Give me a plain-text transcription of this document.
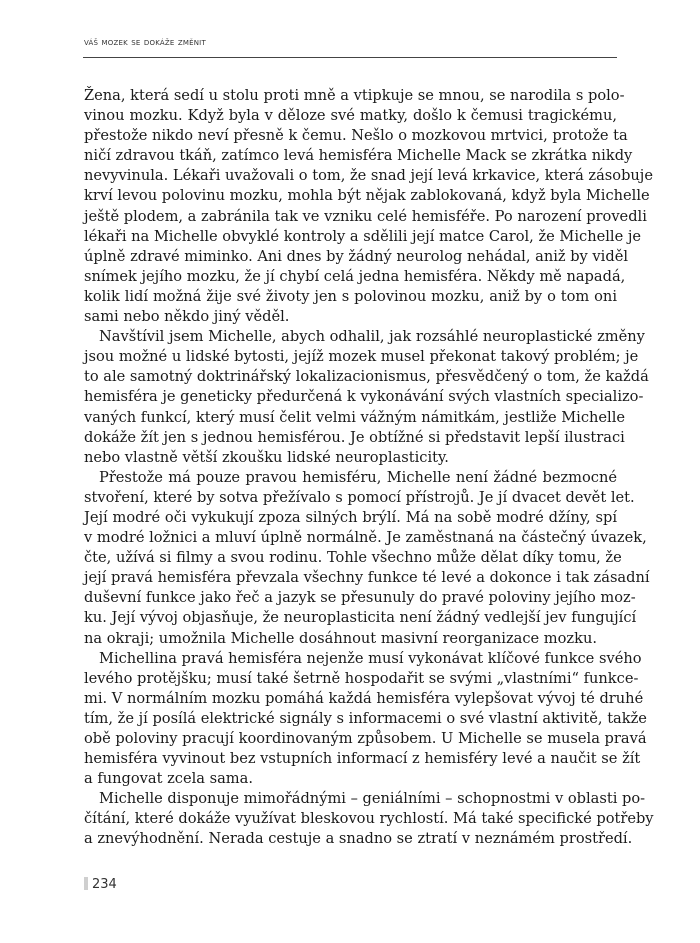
váš mozek se dokáže změnit

Žena, která sedí u stolu proti mně a vtipkuje se mnou, se narodila s polo-
vinou mozku. Když byla v děloze své matky, došlo k čemusi tragickému,
přestože nikdo neví přesně k čemu. Nešlo o mozkovou mrtvici, protože ta
ničí zdravou tkáň, zatímco levá hemisféra Michelle Mack se zkrátka nikdy
nevyvinula. Lékaři uvažovali o tom, že snad její levá krkavice, která zásobuje
krví levou polovinu mozku, mohla být nějak zablokovaná, když byla Michelle
ještě plodem, a zabránila tak ve vzniku celé hemisféře. Po narození provedli
lékaři na Michelle obvyklé kontroly a sdělili její matce Carol, že Michelle je
úplně zdravé miminko. Ani dnes by žádný neurolog nehádal, aniž by viděl
snímek jejího mozku, že jí chybí celá jedna hemisféra. Někdy mě napadá,
kolik lidí možná žije své životy jen s polovinou mozku, aniž by o tom oni
sami nebo někdo jiný věděl.

Navštívil jsem Michelle, abych odhalil, jak rozsáhlé neuroplastické změny
jsou možné u lidské bytosti, jejíž mozek musel překonat takový problém; je
to ale samotný doktrinářský lokalizacionismus, přesvědčený o tom, že každá
hemisféra je geneticky předurčená k vykonávání svých vlastních specializo-
vaných funkcí, který musí čelit velmi vážným námitkám, jestliže Michelle
dokáže žít jen s jednou hemisférou. Je obtížné si představit lepší ilustraci
nebo vlastně větší zkoušku lidské neuroplasticity.

Přestože má pouze pravou hemisféru, Michelle není žádné bezmocné
stvoření, které by sotva přežívalo s pomocí přístrojů. Je jí dvacet devět let.
Její modré oči vykukují zpoza silných brýlí. Má na sobě modré džíny, spí
v modré ložnici a mluví úplně normálně. Je zaměstnaná na částečný úvazek,
čte, užívá si filmy a svou rodinu. Tohle všechno může dělat díky tomu, že
její pravá hemisféra převzala všechny funkce té levé a dokonce i tak zásadní
duševní funkce jako řeč a jazyk se přesunuly do pravé poloviny jejího moz-
ku. Její vývoj objasňuje, že neuroplasticita není žádný vedlejší jev fungující
na okraji; umožnila Michelle dosáhnout masivní reorganizace mozku.

Michellina pravá hemisféra nejenže musí vykonávat klíčové funkce svého
levého protějšku; musí také šetrně hospodařit se svými „vlastními“ funkce-
mi. V normálním mozku pomáhá každá hemisféra vylepšovat vývoj té druhé
tím, že jí posílá elektrické signály s informacemi o své vlastní aktivitě, takže
obě poloviny pracují koordinovaným způsobem. U Michelle se musela pravá
hemisféra vyvinout bez vstupních informací z hemisféry levé a naučit se žít
a fungovat zcela sama.

Michelle disponuje mimořádnými – geniálními – schopnostmi v oblasti po-
čítání, které dokáže využívat bleskovou rychlostí. Má také specifické potřeby
a znevýhodnění. Nerada cestuje a snadno se ztratí v neznámém prostředí.

234
